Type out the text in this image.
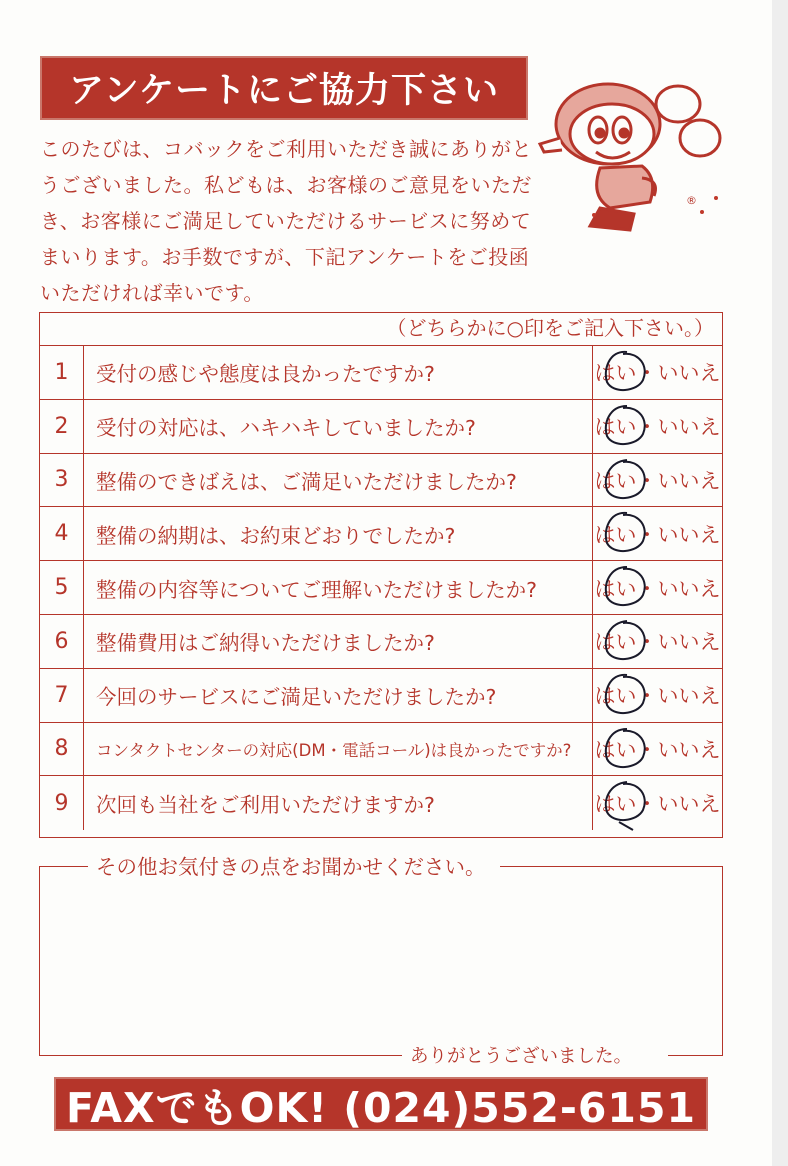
アンケートにご協力下さい
このたびは、コバックをご利用いただき誠にありがとうございました。私どもは、お客様のご意見をいただき、お客様にご満足していただけるサービスに努めてまいります。お手数ですが、下記アンケートをご投函いただければ幸いです。
®
（どちらかに○印をご記入下さい。）
1	受付の感じや態度は良かったですか?	はい ・ いいえ
2	受付の対応は、ハキハキしていましたか?	はい ・ いいえ
3	整備のできばえは、ご満足いただけましたか?	はい ・ いいえ
4	整備の納期は、お約束どおりでしたか?	はい ・ いいえ
5	整備の内容等についてご理解いただけましたか?	はい ・ いいえ
6	整備費用はご納得いただけましたか?	はい ・ いいえ
7	今回のサービスにご満足いただけましたか?	はい ・ いいえ
8	コンタクトセンターの対応(DM・電話コール)は良かったですか?	はい ・ いいえ
9	次回も当社をご利用いただけますか?	はい ・ いいえ
その他お気付きの点をお聞かせください。
ありがとうございました。
FAXでもOK! (024)552-6151
